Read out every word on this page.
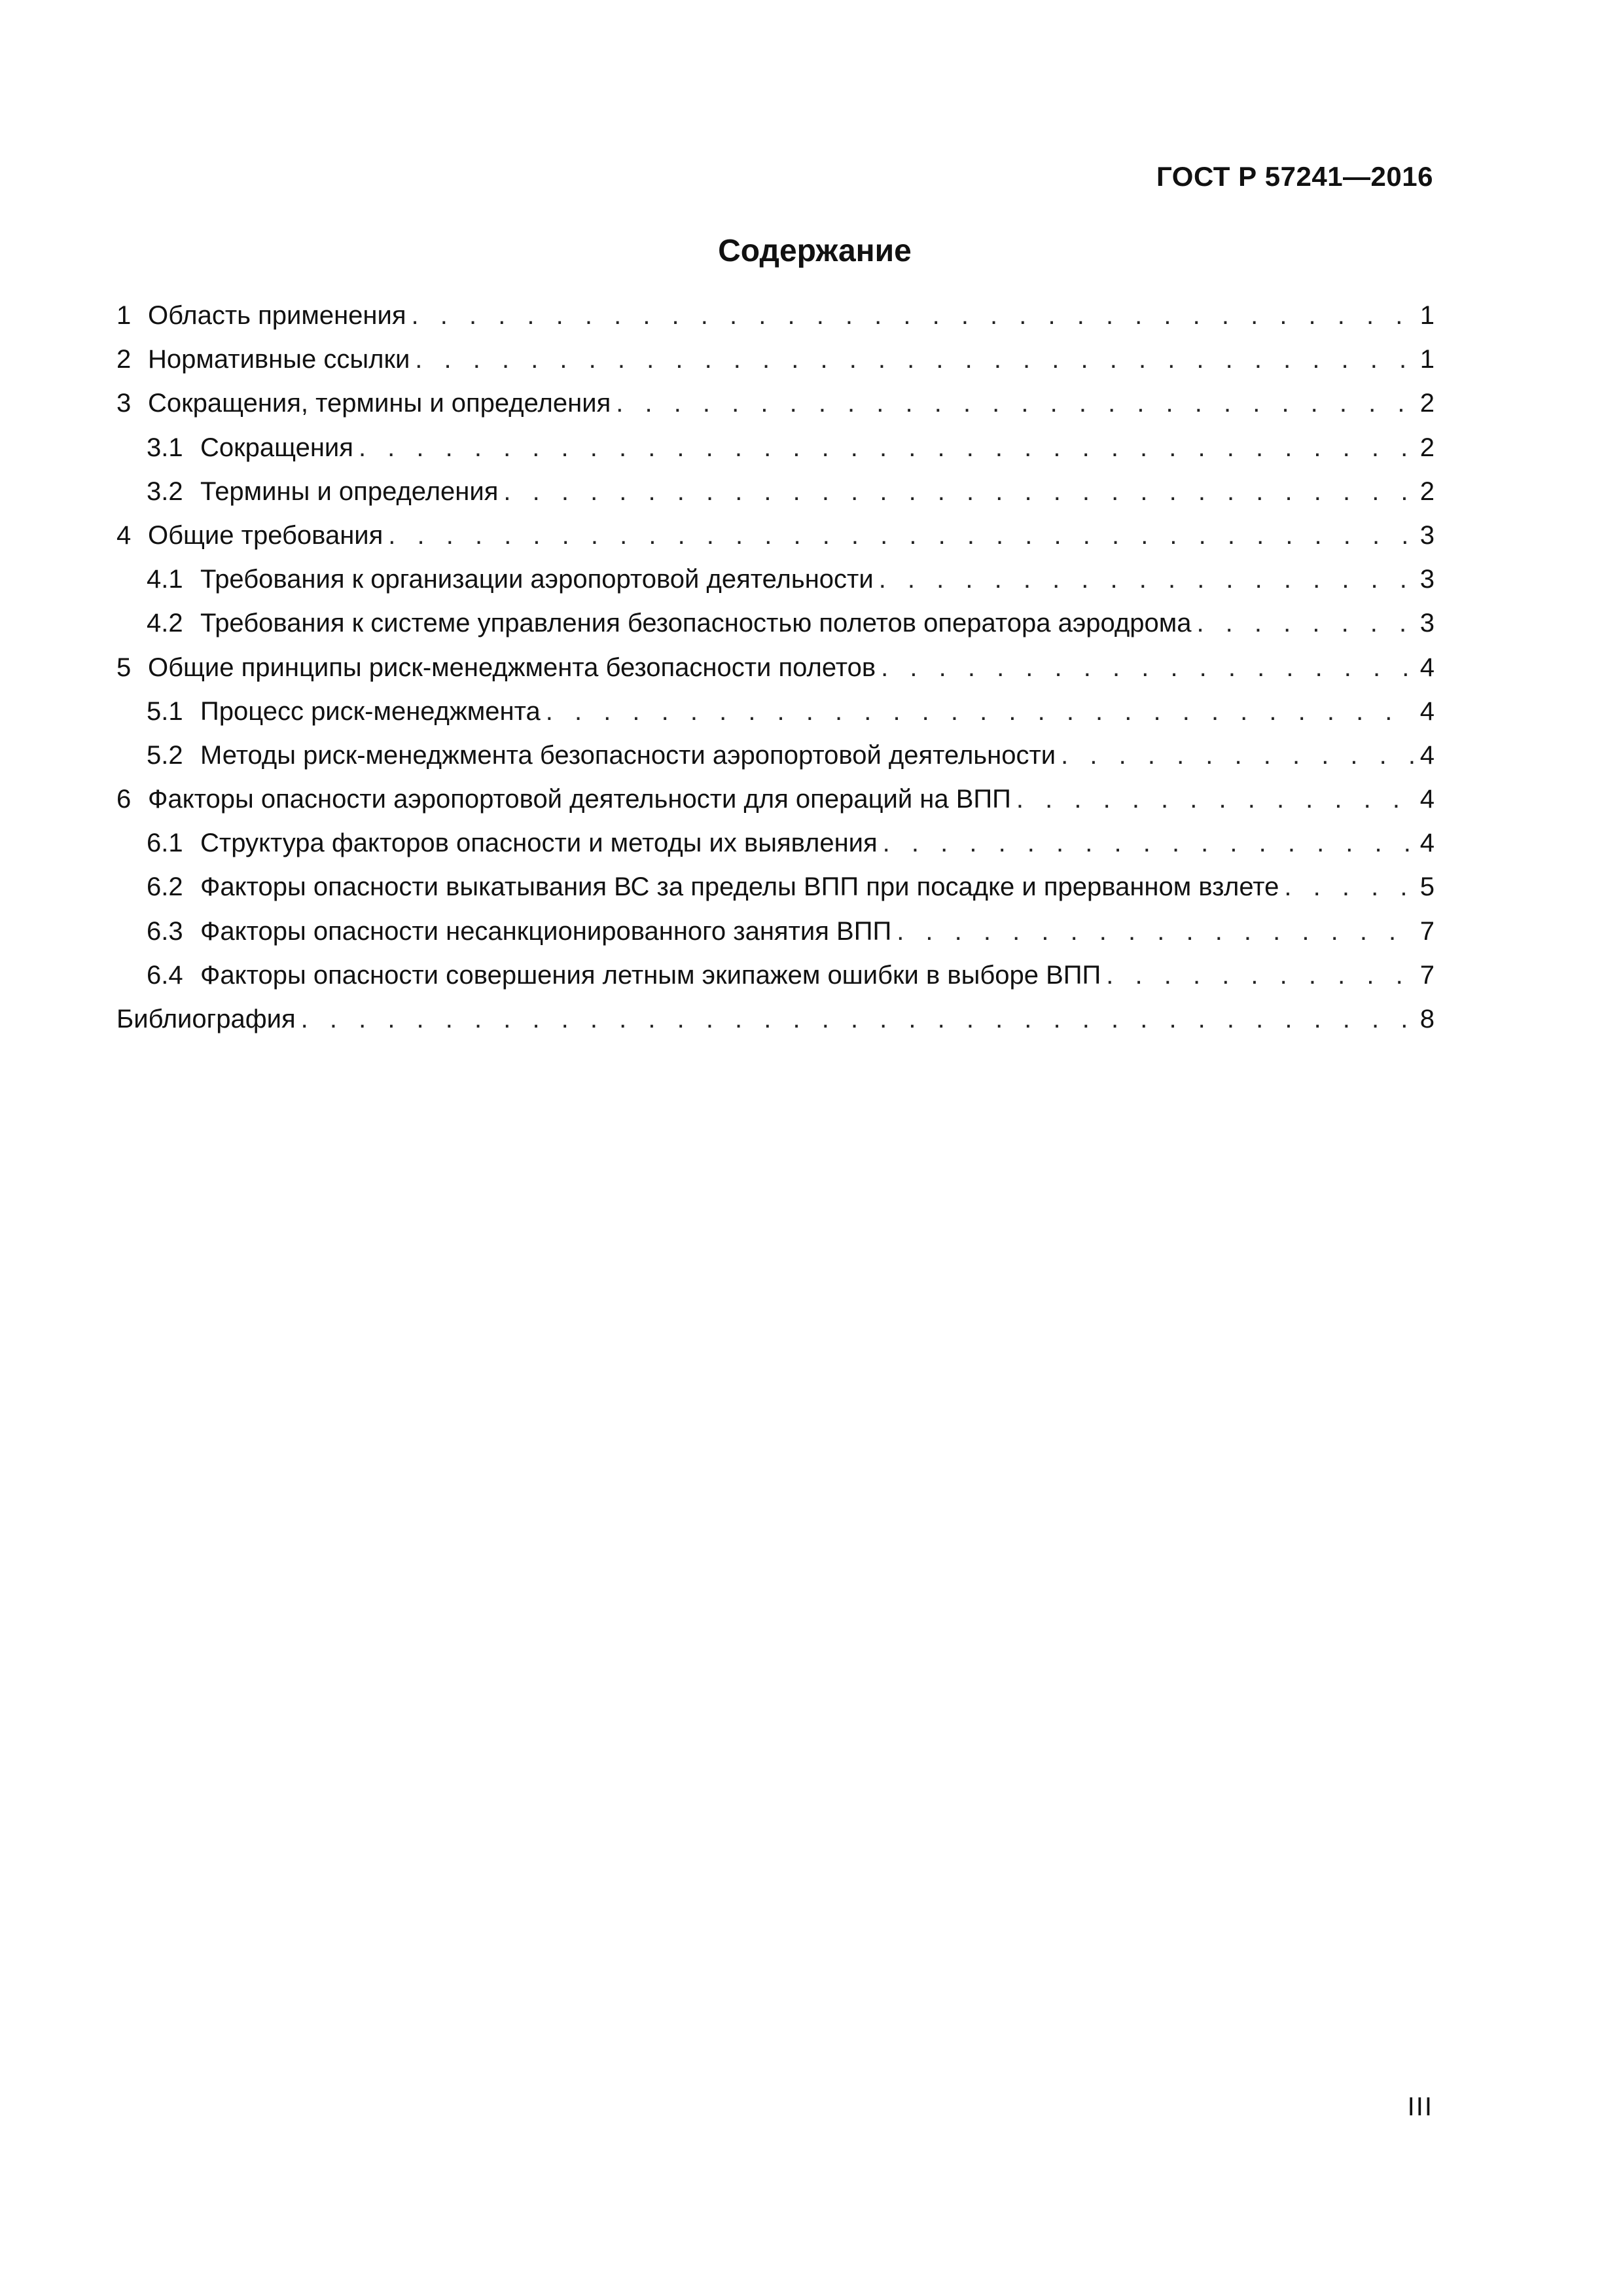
ГОСТ Р 57241—2016
Содержание
1 Область применения . . .	1
2 Нормативные ссылки . . .	1
3 Сокращения, термины и определения . . .	2
3.1 Сокращения . . .	2
3.2 Термины и определения . . .	2
4 Общие требования . . .	3
4.1 Требования к организации аэропортовой деятельности . . .	3
4.2 Требования к системе управления безопасностью полетов оператора аэродрома . . .	3
5 Общие принципы риск-менеджмента безопасности полетов . . .	4
5.1 Процесс риск-менеджмента . . .	4
5.2 Методы риск-менеджмента безопасности аэропортовой деятельности . . .	4
6 Факторы опасности аэропортовой деятельности для операций на ВПП . . .	4
6.1 Структура факторов опасности и методы их выявления . . .	4
6.2 Факторы опасности выкатывания ВС за пределы ВПП при посадке и прерванном взлете . . .	5
6.3 Факторы опасности несанкционированного занятия ВПП . . .	7
6.4 Факторы опасности совершения летным экипажем ошибки в выборе ВПП . . .	7
Библиография . . .	8
III
